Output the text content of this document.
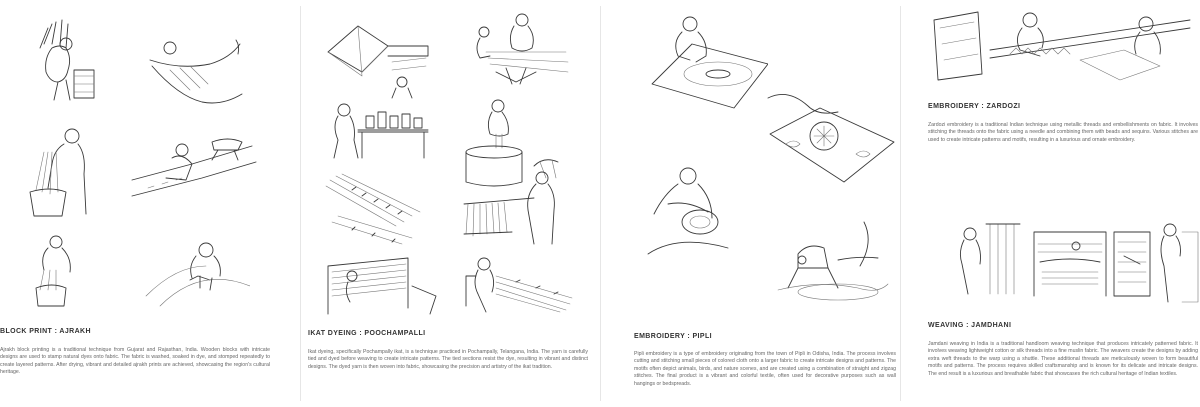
BLOCK PRINT : AJRAKH
Ajrakh block printing is a traditional technique from Gujarat and Rajasthan, India. Wooden blocks with intricate designs are used to stamp natural dyes onto fabric. The fabric is washed, soaked in dye, and stomped repeatedly to create layered patterns. After drying, vibrant and detailed ajrakh prints are achieved, showcasing the region's cultural heritage.
IKAT DYEING : POOCHAMPALLI
Ikat dyeing, specifically Pochampally ikat, is a technique practiced in Pochampally, Telangana, India. The yarn is carefully tied and dyed before weaving to create intricate patterns. The tied sections resist the dye, resulting in vibrant and distinct designs. The dyed yarn is then woven into fabric, showcasing the precision and artistry of the ikat tradition.
EMBROIDERY : PIPLI
Pipli embroidery is a type of embroidery originating from the town of Pipli in Odisha, India. The process involves cutting and stitching small pieces of colored cloth onto a larger fabric to create intricate designs and patterns. The motifs often depict animals, birds, and nature scenes, and are created using a combination of straight and zigzag stitches. The final product is a vibrant and colorful textile, often used for decorative purposes such as wall hangings or bedspreads.
EMBROIDERY : ZARDOZI
Zardozi embroidery is a traditional Indian technique using metallic threads and embellishments on fabric. It involves stitching the threads onto the fabric using a needle and combining them with beads and sequins. Various stitches are used to create intricate patterns and motifs, resulting in a luxurious and ornate embroidery.
WEAVING : JAMDHANI
Jamdani weaving in India is a traditional handloom weaving technique that produces intricately patterned fabric. It involves weaving lightweight cotton or silk threads into a fine muslin fabric. The weavers create the designs by adding extra weft threads to the warp using a shuttle. These additional threads are meticulously woven to form beautiful motifs and patterns. The process requires skilled craftsmanship and is known for its delicate and intricate designs. The end result is a luxurious and breathable fabric that showcases the rich cultural heritage of Indian textiles.
